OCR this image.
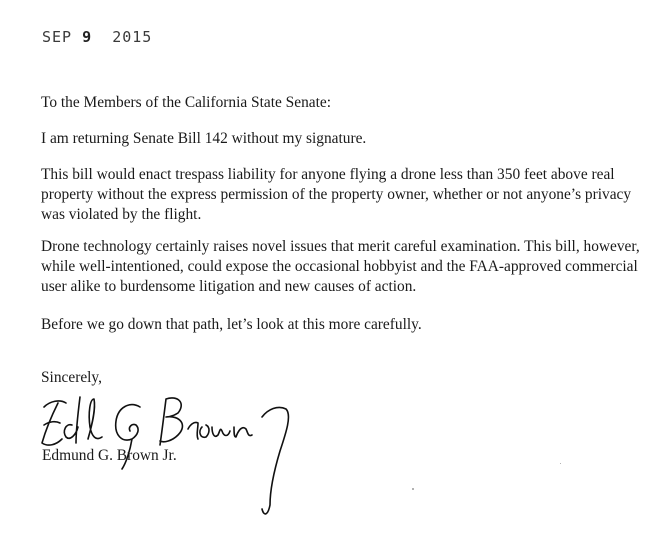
SEP 9 2015

To the Members of the California State Senate:

I am returning Senate Bill 142 without my signature.

This bill would enact trespass liability for anyone flying a drone less than 350 feet above real property without the express permission of the property owner, whether or not anyone’s privacy was violated by the flight.

Drone technology certainly raises novel issues that merit careful examination. This bill, however, while well-intentioned, could expose the occasional hobbyist and the FAA-approved commercial user alike to burdensome litigation and new causes of action.

Before we go down that path, let’s look at this more carefully.

Sincerely,

Edmund G. Brown Jr.
